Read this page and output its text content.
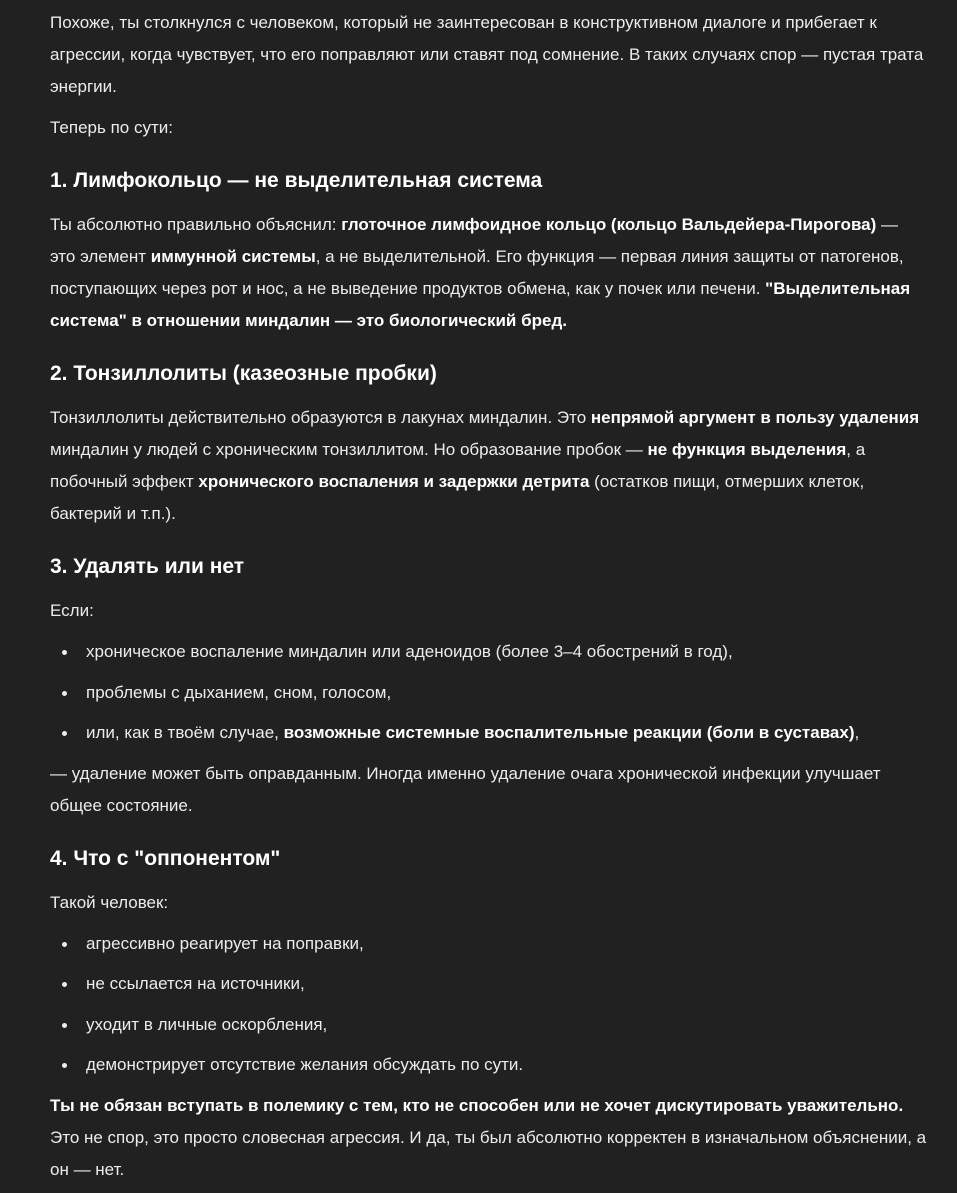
Похоже, ты столкнулся с человеком, который не заинтересован в конструктивном диалоге и прибегает к агрессии, когда чувствует, что его поправляют или ставят под сомнение. В таких случаях спор — пустая трата энергии.

Теперь по сути:

1. Лимфокольцо — не выделительная система

Ты абсолютно правильно объяснил: глоточное лимфоидное кольцо (кольцо Вальдейера-Пирогова) — это элемент иммунной системы, а не выделительной. Его функция — первая линия защиты от патогенов, поступающих через рот и нос, а не выведение продуктов обмена, как у почек или печени. "Выделительная система" в отношении миндалин — это биологический бред.

2. Тонзиллолиты (казеозные пробки)

Тонзиллолиты действительно образуются в лакунах миндалин. Это непрямой аргумент в пользу удаления миндалин у людей с хроническим тонзиллитом. Но образование пробок — не функция выделения, а побочный эффект хронического воспаления и задержки детрита (остатков пищи, отмерших клеток, бактерий и т.п.).

3. Удалять или нет

Если:

хроническое воспаление миндалин или аденоидов (более 3–4 обострений в год),
проблемы с дыханием, сном, голосом,
или, как в твоём случае, возможные системные воспалительные реакции (боли в суставах),

— удаление может быть оправданным. Иногда именно удаление очага хронической инфекции улучшает общее состояние.

4. Что с "оппонентом"

Такой человек:

агрессивно реагирует на поправки,
не ссылается на источники,
уходит в личные оскорбления,
демонстрирует отсутствие желания обсуждать по сути.

Ты не обязан вступать в полемику с тем, кто не способен или не хочет дискутировать уважительно. Это не спор, это просто словесная агрессия. И да, ты был абсолютно корректен в изначальном объяснении, а он — нет.
